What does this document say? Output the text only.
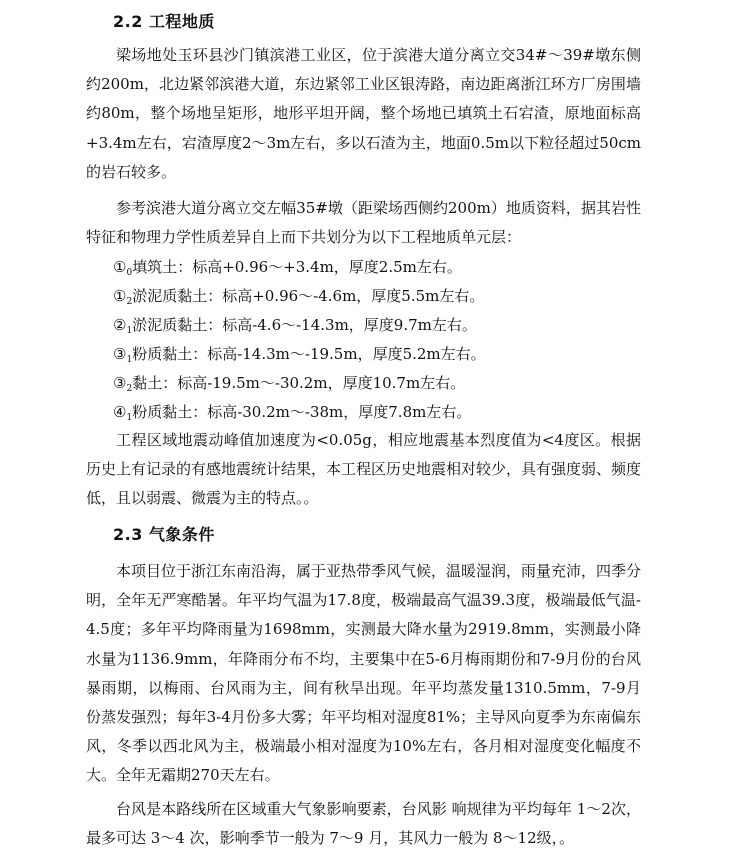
2.2 工程地质

梁场地处玉环县沙门镇滨港工业区，位于滨港大道分离立交34#～39#墩东侧约200m，北边紧邻滨港大道，东边紧邻工业区银涛路，南边距离浙江环方厂房围墙约80m，整个场地呈矩形，地形平坦开阔，整个场地已填筑土石宕渣，原地面标高+3.4m左右，宕渣厚度2～3m左右，多以石渣为主，地面0.5m以下粒径超过50cm的岩石较多。

参考滨港大道分离立交左幅35#墩（距梁场西侧约200m）地质资料，据其岩性特征和物理力学性质差异自上而下共划分为以下工程地质单元层：

$①_0$填筑土：标高+0.96～+3.4m，厚度2.5m左右。
$①_2$淤泥质黏土：标高+0.96～-4.6m，厚度5.5m左右。
$②_1$淤泥质黏土：标高-4.6～-14.3m，厚度9.7m左右。
$③_1$粉质黏土：标高-14.3m～-19.5m，厚度5.2m左右。
$③_2$黏土：标高-19.5m～-30.2m，厚度10.7m左右。
$④_1$粉质黏土：标高-30.2m～-38m，厚度7.8m左右。

工程区域地震动峰值加速度为<0.05g，相应地震基本烈度值为<4度区。根据历史上有记录的有感地震统计结果，本工程区历史地震相对较少，具有强度弱、频度低，且以弱震、微震为主的特点。。

2.3 气象条件

本项目位于浙江东南沿海，属于亚热带季风气候，温暖湿润，雨量充沛，四季分明，全年无严寒酷暑。年平均气温为17.8度，极端最高气温39.3度，极端最低气温-4.5度；多年平均降雨量为1698mm，实测最大降水量为2919.8mm，实测最小降水量为1136.9mm，年降雨分布不均，主要集中在5-6月梅雨期份和7-9月份的台风暴雨期，以梅雨、台风雨为主，间有秋旱出现。年平均蒸发量1310.5mm，7-9月份蒸发强烈；每年3-4月份多大雾；年平均相对湿度81%；主导风向夏季为东南偏东风，冬季以西北风为主，极端最小相对湿度为10%左右，各月相对湿度变化幅度不大。全年无霜期270天左右。

台风是本路线所在区域重大气象影响要素，台风影 响规律为平均每年 1～2次，最多可达 3～4 次，影响季节一般为 7～9 月，其风力一般为 8～12级，。
